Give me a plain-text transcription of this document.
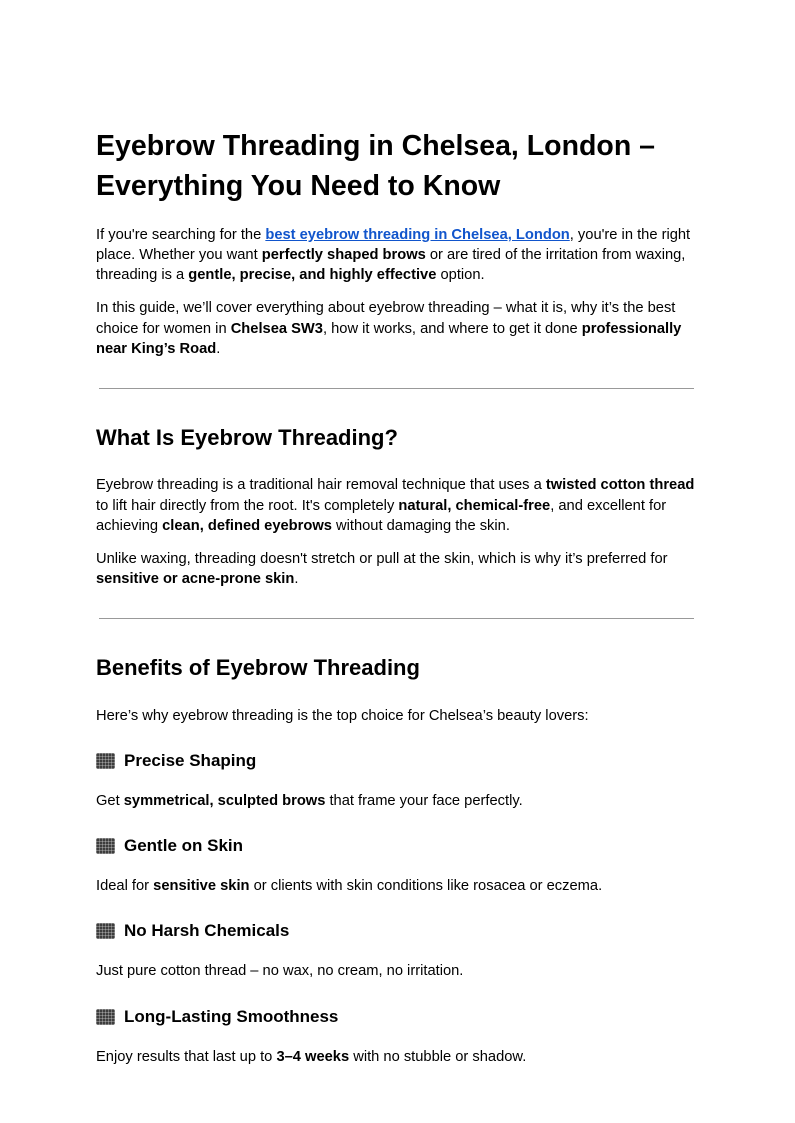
Eyebrow Threading in Chelsea, London – Everything You Need to Know

If you're searching for the best eyebrow threading in Chelsea, London, you're in the right place. Whether you want perfectly shaped brows or are tired of the irritation from waxing, threading is a gentle, precise, and highly effective option.

In this guide, we’ll cover everything about eyebrow threading – what it is, why it’s the best choice for women in Chelsea SW3, how it works, and where to get it done professionally near King’s Road.

What Is Eyebrow Threading?

Eyebrow threading is a traditional hair removal technique that uses a twisted cotton thread to lift hair directly from the root. It's completely natural, chemical-free, and excellent for achieving clean, defined eyebrows without damaging the skin.

Unlike waxing, threading doesn't stretch or pull at the skin, which is why it’s preferred for sensitive or acne-prone skin.

Benefits of Eyebrow Threading

Here’s why eyebrow threading is the top choice for Chelsea’s beauty lovers:

Precise Shaping

Get symmetrical, sculpted brows that frame your face perfectly.

Gentle on Skin

Ideal for sensitive skin or clients with skin conditions like rosacea or eczema.

No Harsh Chemicals

Just pure cotton thread – no wax, no cream, no irritation.

Long-Lasting Smoothness

Enjoy results that last up to 3–4 weeks with no stubble or shadow.
